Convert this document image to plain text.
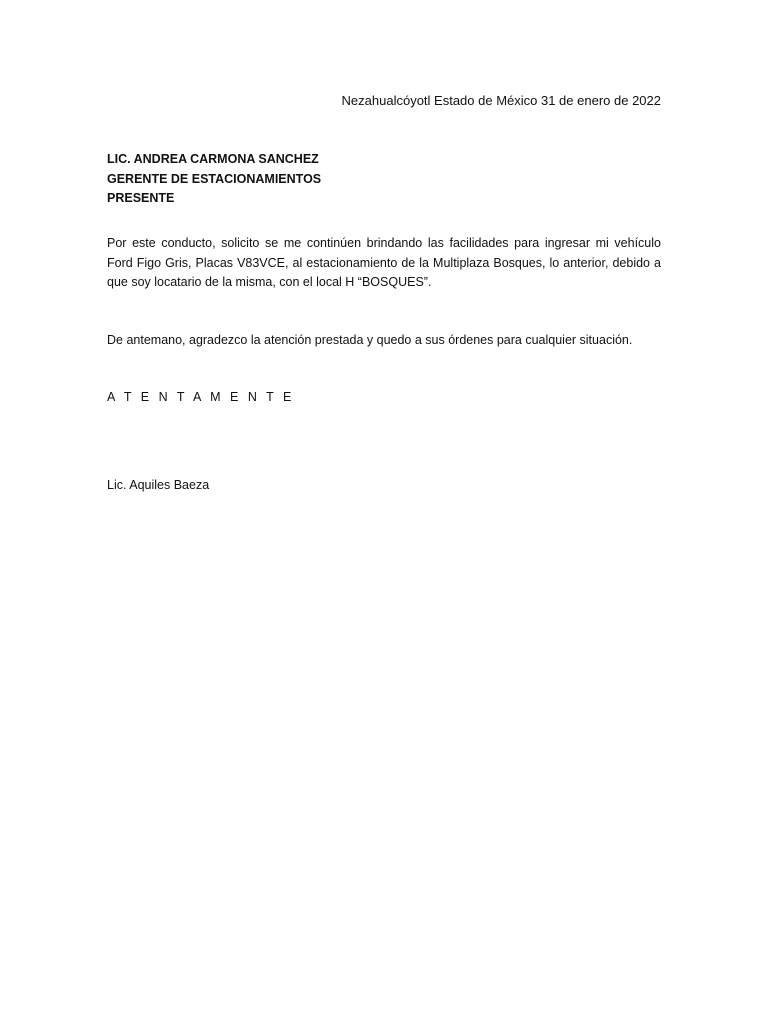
Nezahualcóyotl Estado de México 31 de enero de 2022
LIC. ANDREA CARMONA SANCHEZ
GERENTE DE ESTACIONAMIENTOS
PRESENTE

Por este conducto, solicito se me continúen brindando las facilidades para ingresar mi vehículo Ford Figo Gris, Placas V83VCE, al estacionamiento de la Multiplaza Bosques, lo anterior, debido a que soy locatario de la misma, con el local H “BOSQUES”.

De antemano, agradezco la atención prestada y quedo a sus órdenes para cualquier situación.

A T E N T A M E N T E
Lic. Aquiles Baeza
